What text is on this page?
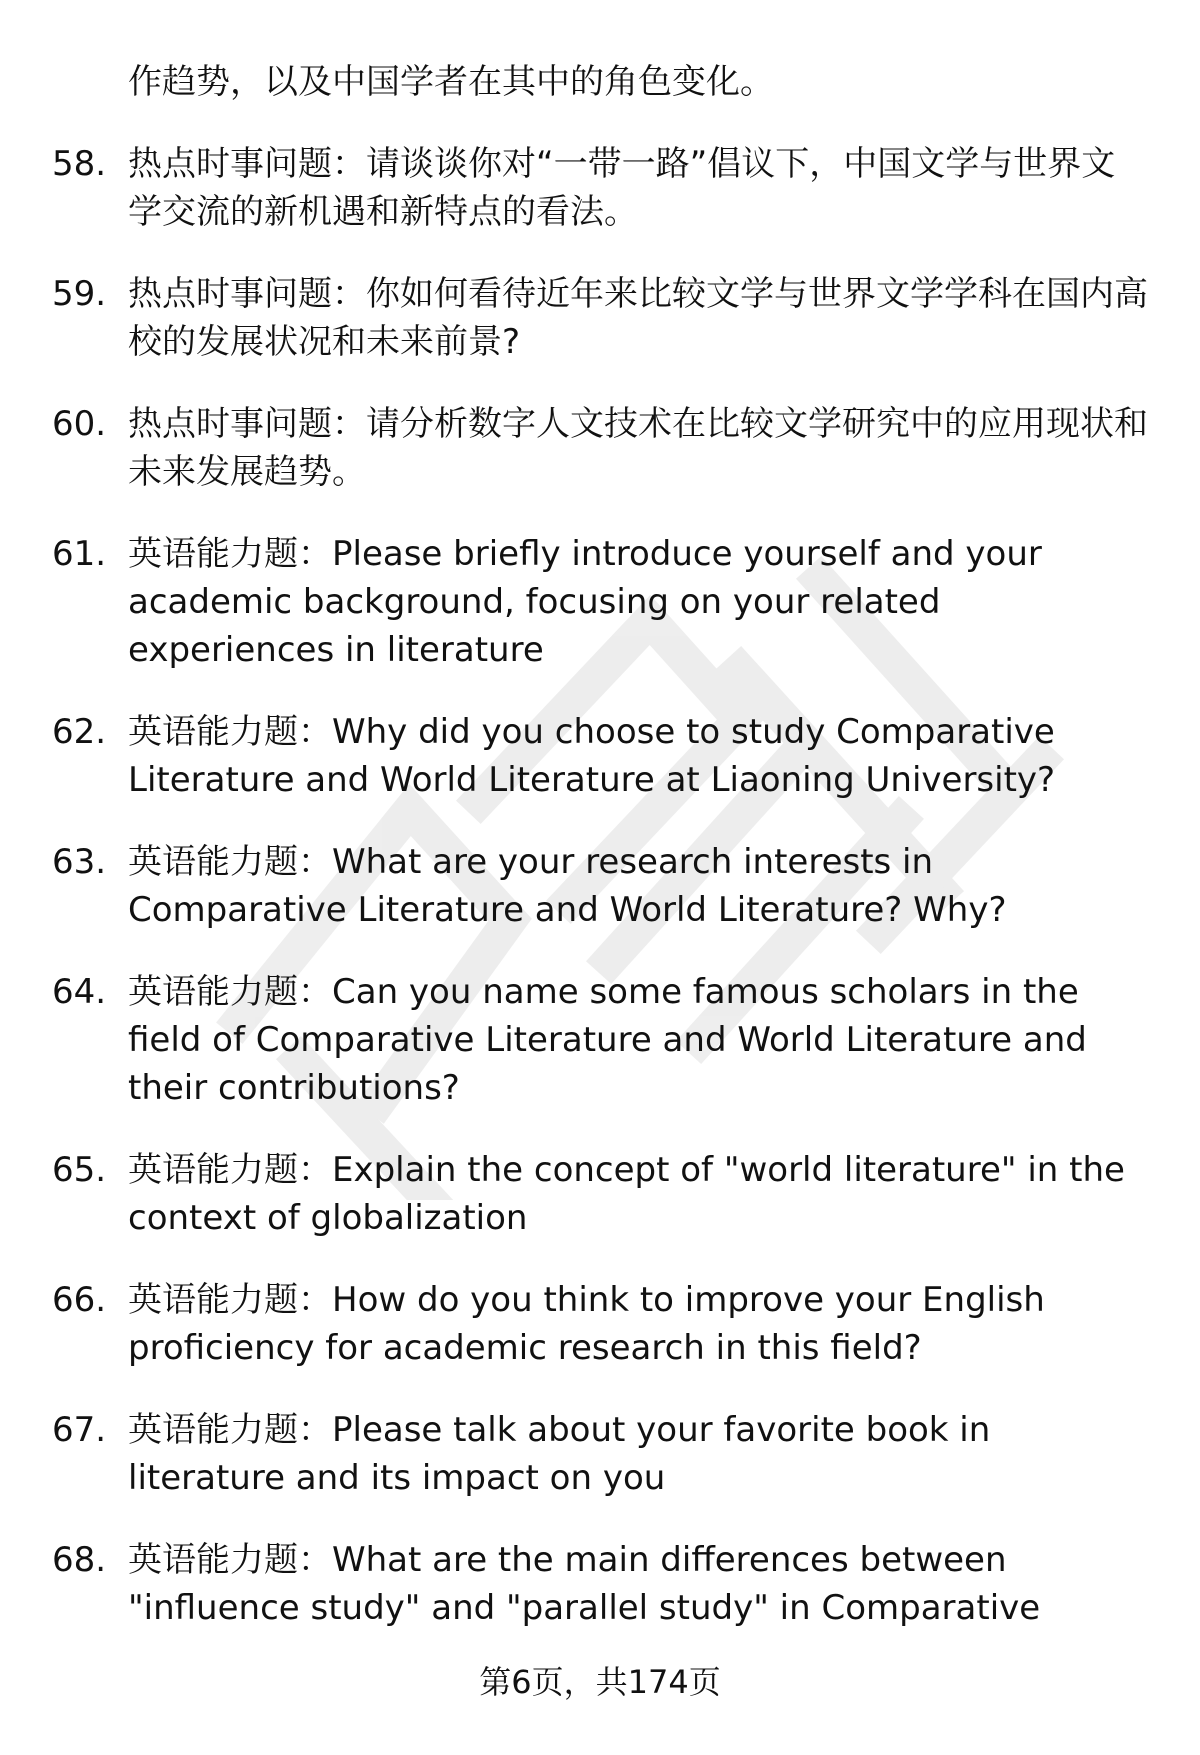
作趋势，以及中国学者在其中的角色变化。
58. 热点时事问题：请谈谈你对“一带一路”倡议下，中国文学与世界文学交流的新机遇和新特点的看法。
59. 热点时事问题：你如何看待近年来比较文学与世界文学学科在国内高校的发展状况和未来前景?
60. 热点时事问题：请分析数字人文技术在比较文学研究中的应用现状和未来发展趋势。
61. 英语能力题：Please briefly introduce yourself and your academic background, focusing on your related experiences in literature
62. 英语能力题：Why did you choose to study Comparative Literature and World Literature at Liaoning University?
63. 英语能力题：What are your research interests in Comparative Literature and World Literature? Why?
64. 英语能力题：Can you name some famous scholars in the field of Comparative Literature and World Literature and their contributions?
65. 英语能力题：Explain the concept of "world literature" in the context of globalization
66. 英语能力题：How do you think to improve your English proficiency for academic research in this field?
67. 英语能力题：Please talk about your favorite book in literature and its impact on you
68. 英语能力题：What are the main differences between "influence study" and "parallel study" in Comparative
第6页，共174页
